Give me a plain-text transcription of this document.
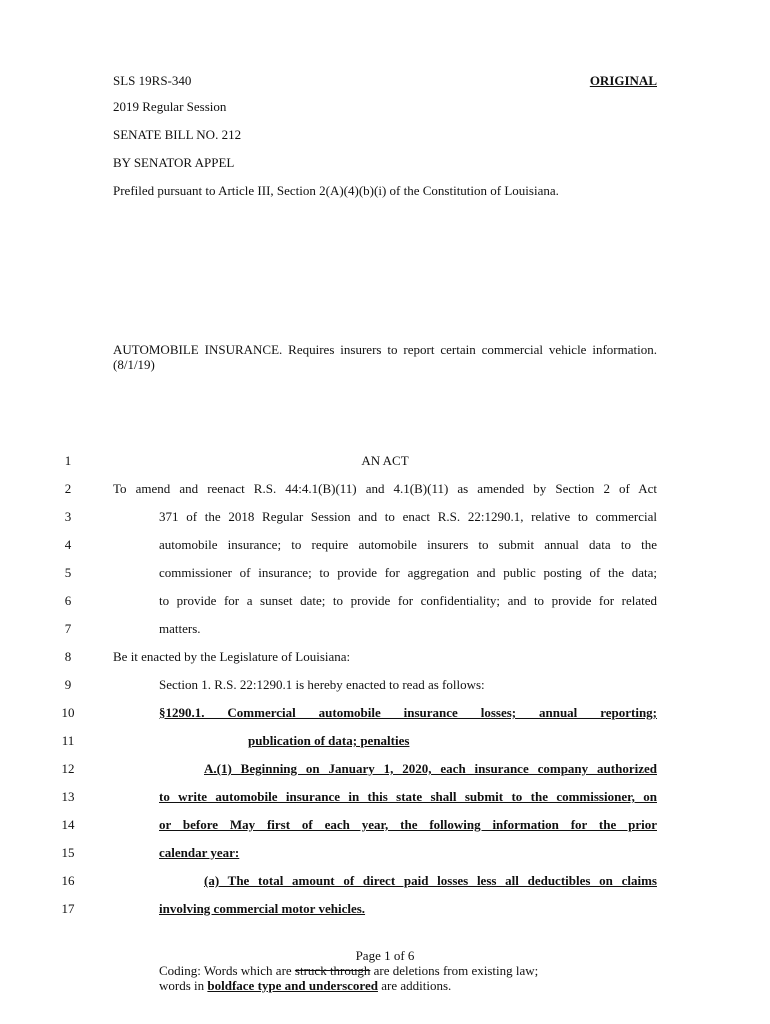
SLS 19RS-340	ORIGINAL
2019 Regular Session
SENATE BILL NO. 212
BY SENATOR APPEL
Prefiled pursuant to Article III, Section 2(A)(4)(b)(i) of the Constitution of Louisiana.
AUTOMOBILE INSURANCE. Requires insurers to report certain commercial vehicle information. (8/1/19)
1
2
3
4
5
6
7
8
9
10
11
12
13
14
15
16
17
AN ACT
To amend and reenact R.S. 44:4.1(B)(11) and 4.1(B)(11) as amended by Section 2 of Act
371 of the 2018 Regular Session and to enact R.S. 22:1290.1, relative to commercial
automobile insurance; to require automobile insurers to submit annual data to the
commissioner of insurance; to provide for aggregation and public posting of the data;
to provide for a sunset date; to provide for confidentiality; and to provide for related
matters.
Be it enacted by the Legislature of Louisiana:
Section 1. R.S. 22:1290.1 is hereby enacted to read as follows:
§1290.1. Commercial automobile insurance losses; annual reporting;
publication of data; penalties
A.(1) Beginning on January 1, 2020, each insurance company authorized
to write automobile insurance in this state shall submit to the commissioner, on
or before May first of each year, the following information for the prior
calendar year:
(a) The total amount of direct paid losses less all deductibles on claims
involving commercial motor vehicles.
Page 1 of 6
Coding: Words which are struck through are deletions from existing law;
words in boldface type and underscored are additions.
